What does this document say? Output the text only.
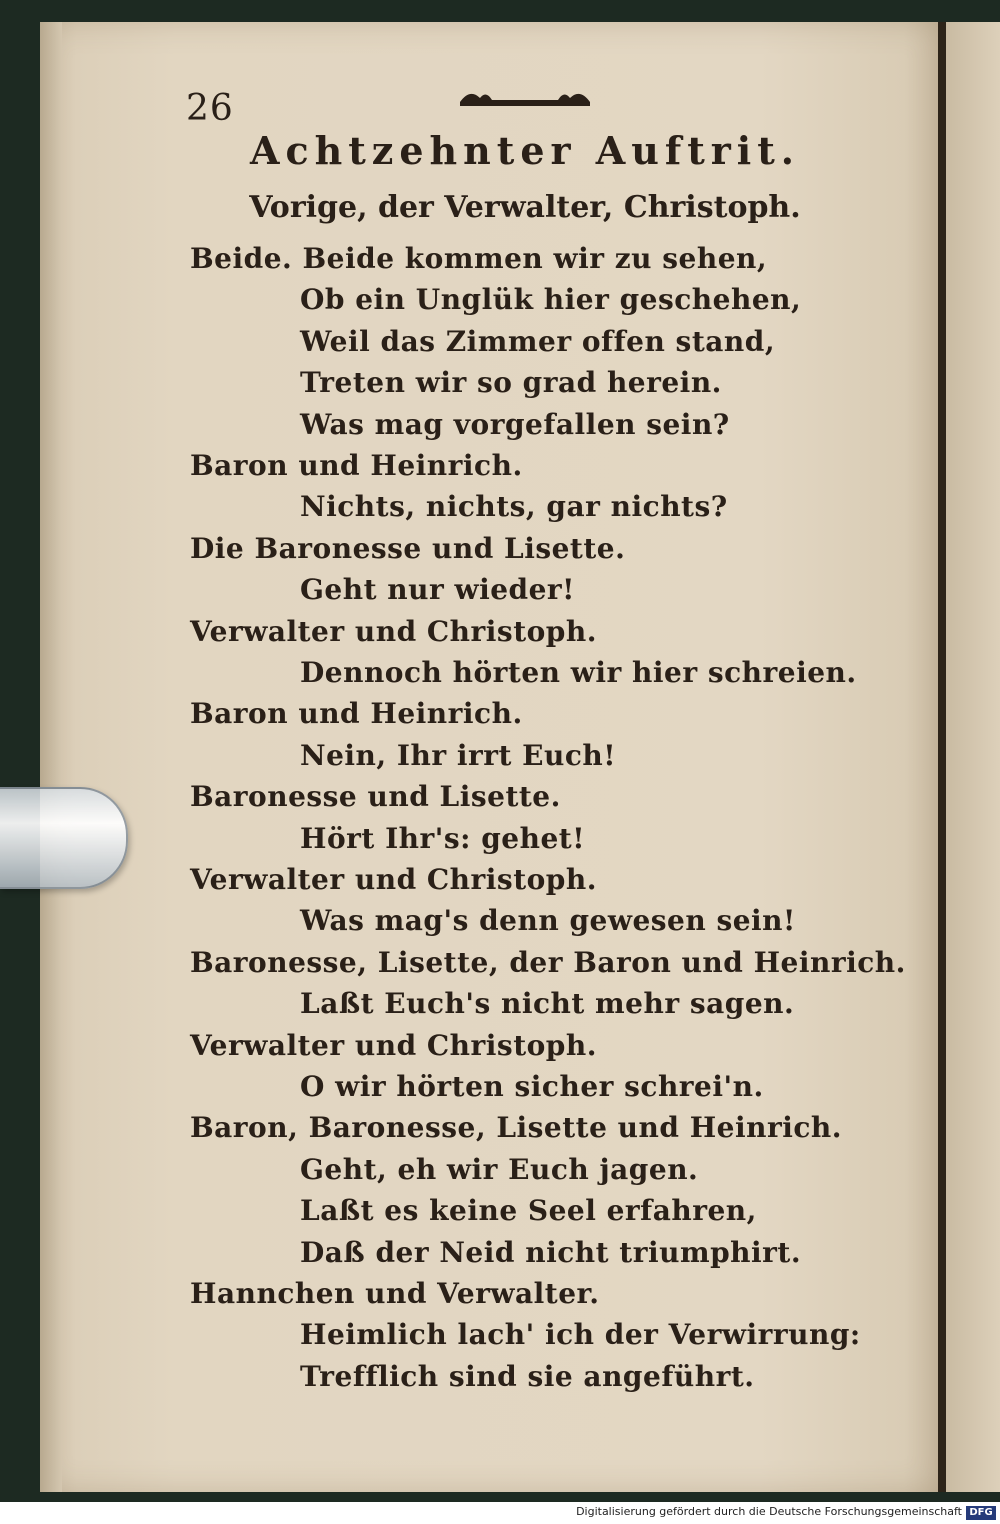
26
Achtzehnter Auftrit.
Vorige, der Verwalter, Christoph.
Beide. Beide kommen wir zu sehen,
Ob ein Unglük hier geschehen,
Weil das Zimmer offen stand,
Treten wir so grad herein.
Was mag vorgefallen sein?
Baron und Heinrich.
Nichts, nichts, gar nichts?
Die Baronesse und Lisette.
Geht nur wieder!
Verwalter und Christoph.
Dennoch hörten wir hier schreien.
Baron und Heinrich.
Nein, Ihr irrt Euch!
Baronesse und Lisette.
Hört Ihr's: gehet!
Verwalter und Christoph.
Was mag's denn gewesen sein!
Baronesse, Lisette, der Baron und Heinrich.
Laßt Euch's nicht mehr sagen.
Verwalter und Christoph.
O wir hörten sicher schrei'n.
Baron, Baronesse, Lisette und Heinrich.
Geht, eh wir Euch jagen.
Laßt es keine Seel erfahren,
Daß der Neid nicht triumphirt.
Hannchen und Verwalter.
Heimlich lach' ich der Verwirrung:
Trefflich sind sie angeführt.
Digitalisierung gefördert durch die Deutsche Forschungsgemeinschaft DFG
